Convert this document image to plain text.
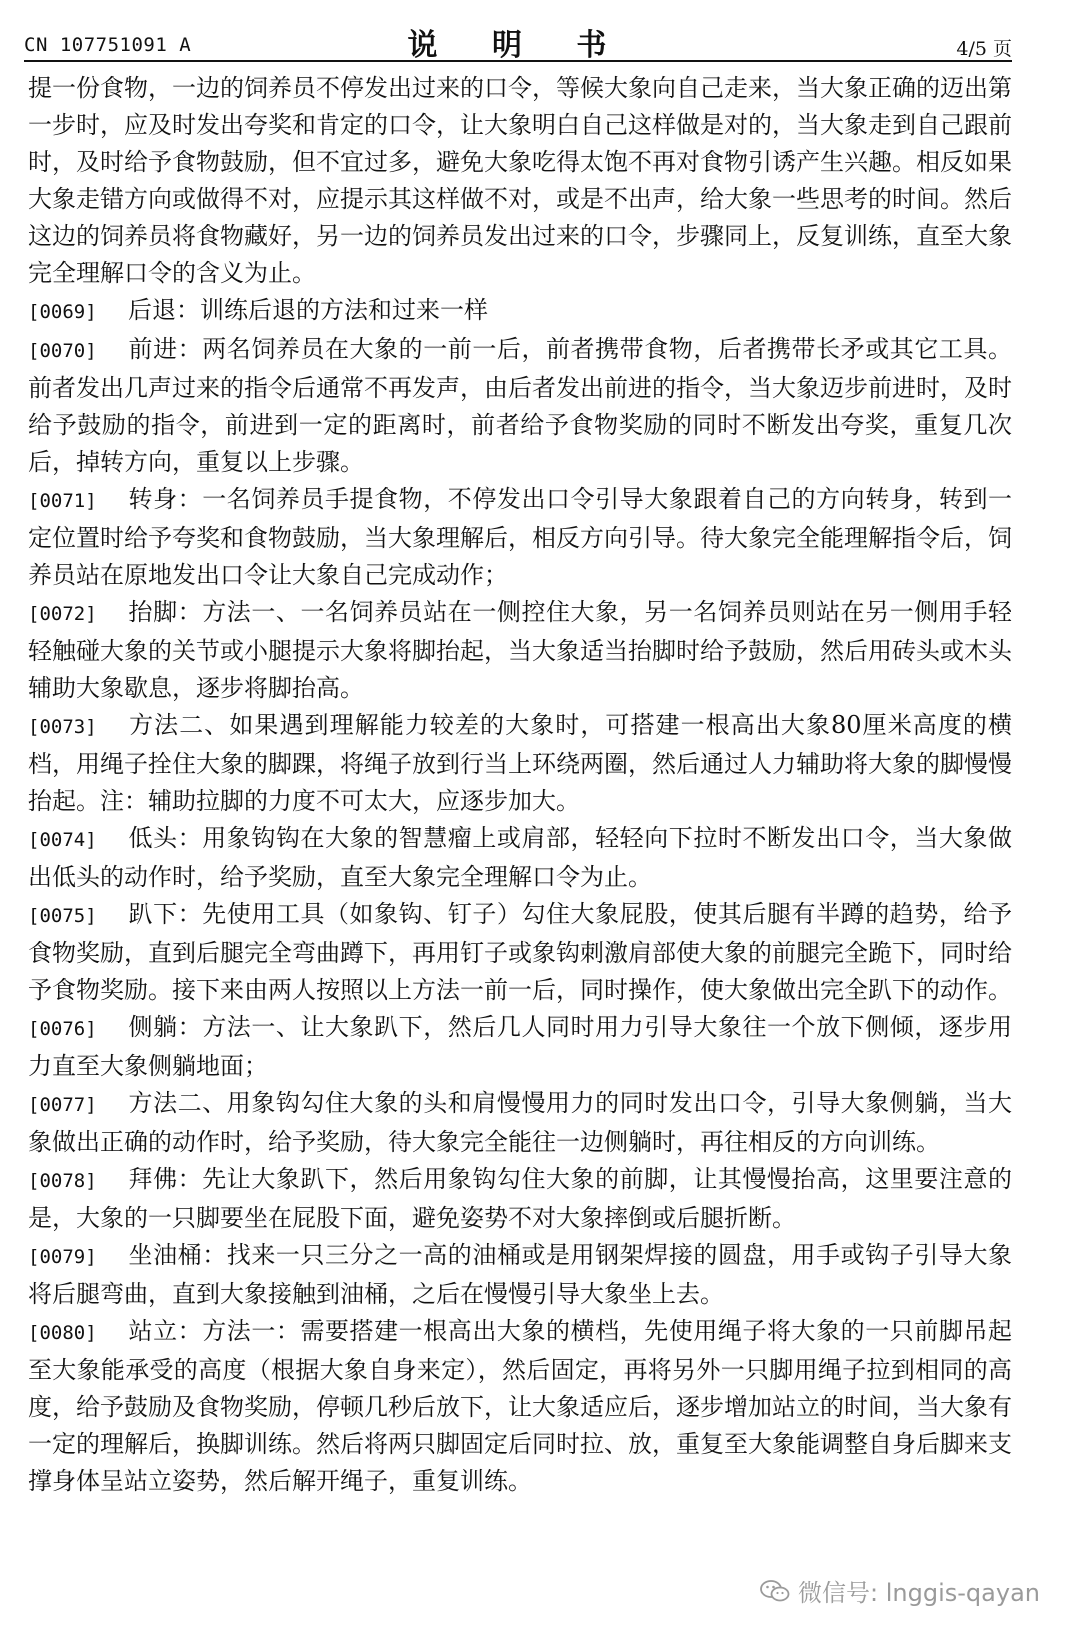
CN 107751091 A	说 明 书	4/5 页

提一份食物，一边的饲养员不停发出过来的口令，等候大象向自己走来，当大象正确的迈出第一步时，应及时发出夸奖和肯定的口令，让大象明白自己这样做是对的，当大象走到自己跟前时，及时给予食物鼓励，但不宜过多，避免大象吃得太饱不再对食物引诱产生兴趣。相反如果大象走错方向或做得不对，应提示其这样做不对，或是不出声，给大象一些思考的时间。然后这边的饲养员将食物藏好，另一边的饲养员发出过来的口令，步骤同上，反复训练，直至大象完全理解口令的含义为止。

[0069] 后退：训练后退的方法和过来一样

[0070] 前进：两名饲养员在大象的一前一后，前者携带食物，后者携带长矛或其它工具。前者发出几声过来的指令后通常不再发声，由后者发出前进的指令，当大象迈步前进时，及时给予鼓励的指令，前进到一定的距离时，前者给予食物奖励的同时不断发出夸奖，重复几次后，掉转方向，重复以上步骤。

[0071] 转身：一名饲养员手提食物，不停发出口令引导大象跟着自己的方向转身，转到一定位置时给予夸奖和食物鼓励，当大象理解后，相反方向引导。待大象完全能理解指令后，饲养员站在原地发出口令让大象自己完成动作；

[0072] 抬脚：方法一、一名饲养员站在一侧控住大象，另一名饲养员则站在另一侧用手轻轻触碰大象的关节或小腿提示大象将脚抬起，当大象适当抬脚时给予鼓励，然后用砖头或木头辅助大象歇息，逐步将脚抬高。

[0073] 方法二、如果遇到理解能力较差的大象时，可搭建一根高出大象80厘米高度的横档，用绳子拴住大象的脚踝，将绳子放到行当上环绕两圈，然后通过人力辅助将大象的脚慢慢抬起。注：辅助拉脚的力度不可太大，应逐步加大。

[0074] 低头：用象钩钩在大象的智慧瘤上或肩部，轻轻向下拉时不断发出口令，当大象做出低头的动作时，给予奖励，直至大象完全理解口令为止。

[0075] 趴下：先使用工具（如象钩、钉子）勾住大象屁股，使其后腿有半蹲的趋势，给予食物奖励，直到后腿完全弯曲蹲下，再用钉子或象钩刺激肩部使大象的前腿完全跪下，同时给予食物奖励。接下来由两人按照以上方法一前一后，同时操作，使大象做出完全趴下的动作。

[0076] 侧躺：方法一、让大象趴下，然后几人同时用力引导大象往一个放下侧倾，逐步用力直至大象侧躺地面；

[0077] 方法二、用象钩勾住大象的头和肩慢慢用力的同时发出口令，引导大象侧躺，当大象做出正确的动作时，给予奖励，待大象完全能往一边侧躺时，再往相反的方向训练。

[0078] 拜佛：先让大象趴下，然后用象钩勾住大象的前脚，让其慢慢抬高，这里要注意的是，大象的一只脚要坐在屁股下面，避免姿势不对大象摔倒或后腿折断。

[0079] 坐油桶：找来一只三分之一高的油桶或是用钢架焊接的圆盘，用手或钩子引导大象将后腿弯曲，直到大象接触到油桶，之后在慢慢引导大象坐上去。

[0080] 站立：方法一：需要搭建一根高出大象的横档，先使用绳子将大象的一只前脚吊起至大象能承受的高度（根据大象自身来定），然后固定，再将另外一只脚用绳子拉到相同的高度，给予鼓励及食物奖励，停顿几秒后放下，让大象适应后，逐步增加站立的时间，当大象有一定的理解后，换脚训练。然后将两只脚固定后同时拉、放，重复至大象能调整自身后脚来支撑身体呈站立姿势，然后解开绳子，重复训练。

微信号: lnggis-qayan
